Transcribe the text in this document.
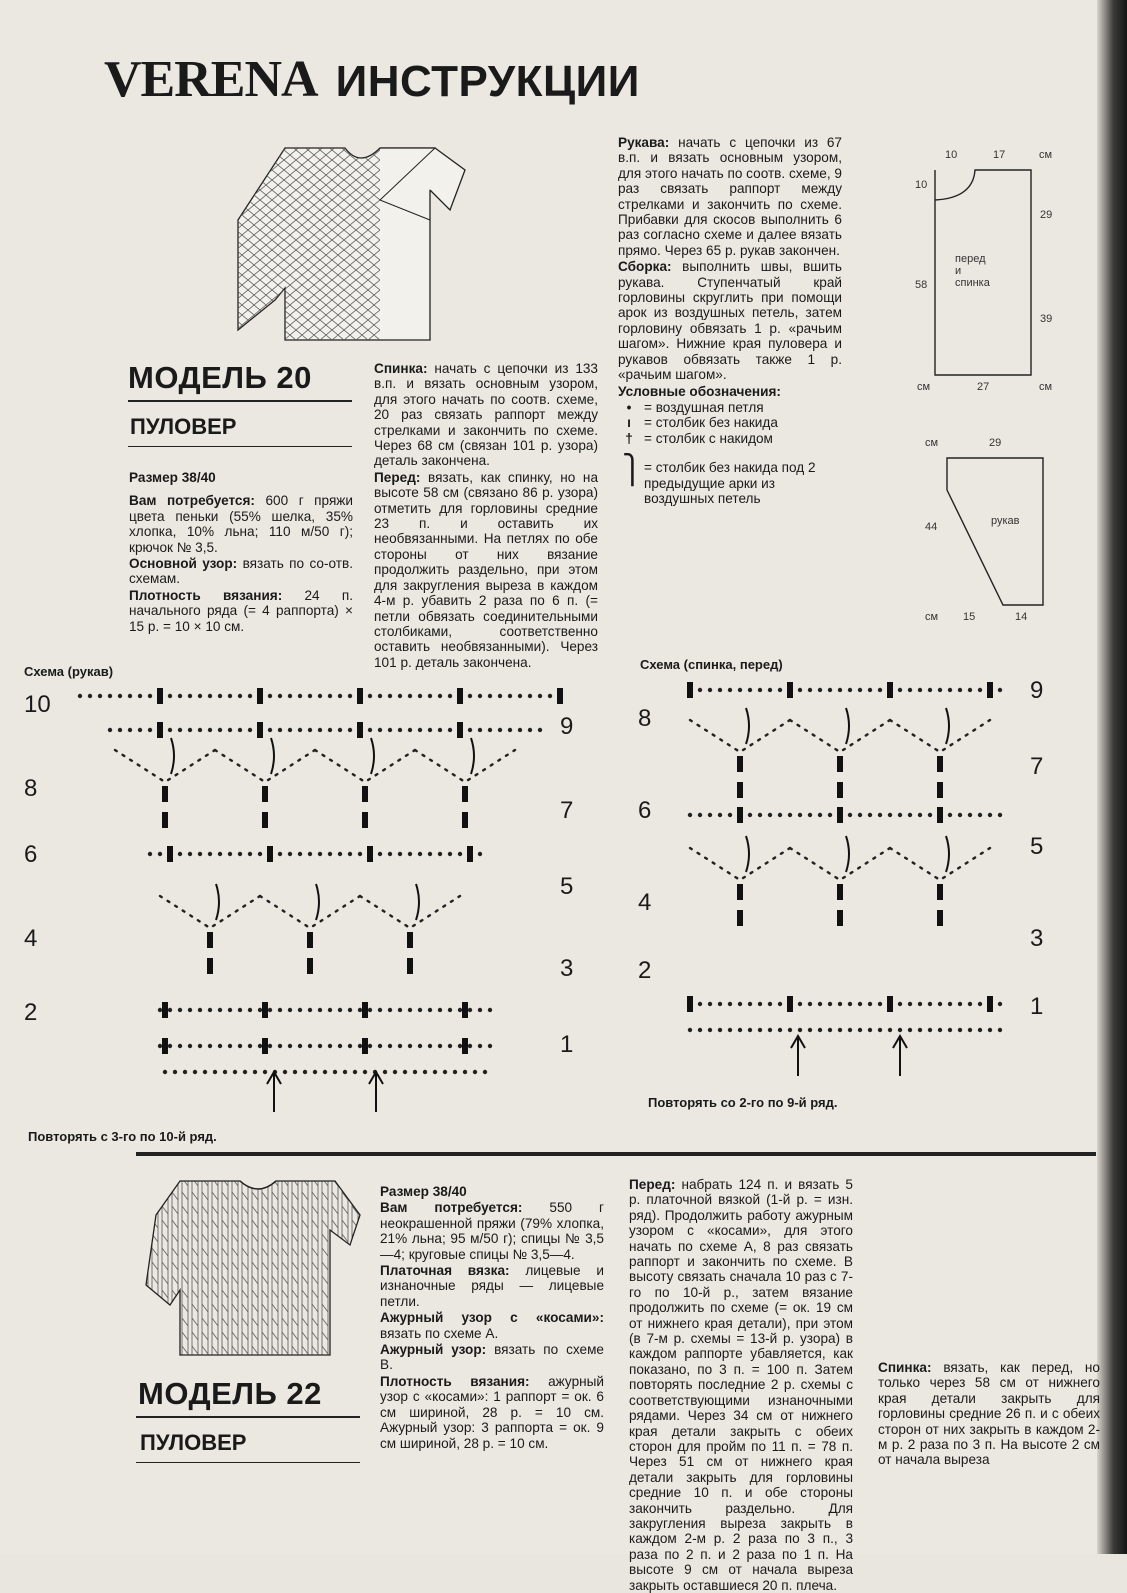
VERENA ИНСТРУКЦИИ
МОДЕЛЬ 20
ПУЛОВЕР

Размер 38/40

Вам потребуется: 600 г пряжи цвета пеньки (55% шелка, 35% хлопка, 10% льна; 110 м/50 г); крючок № 3,5.

Основной узор: вязать по со-отв. схемам.

Плотность вязания: 24 п. начального ряда (= 4 раппорта) × 15 р. = 10 × 10 см.

Спинка: начать с цепочки из 133 в.п. и вязать основным узором, для этого начать по соотв. схеме, 20 раз связать раппорт между стрелками и закончить по схеме. Через 68 см (связан 101 р. узора) деталь закончена.

Перед: вязать, как спинку, но на высоте 58 см (связано 86 р. узора) отметить для горловины средние 23 п. и оставить их необвязанными. На петлях по обе стороны от них вязание продолжить раздельно, при этом для закругления выреза в каждом 4-м р. убавить 2 раза по 6 п. (= петли обвязать соединительными столбиками, соответственно оставить необвязанными). Через 101 р. деталь закончена.

Рукава: начать с цепочки из 67 в.п. и вязать основным узором, для этого начать по соотв. схеме, 9 раз связать раппорт между стрелками и закончить по схеме. Прибавки для скосов выполнить 6 раз согласно схеме и далее вязать прямо. Через 65 р. рукав закончен.

Сборка: выполнить швы, вшить рукава. Ступенчатый край горловины скруглить при помощи арок из воздушных петель, затем горловину обвязать 1 р. «рачьим шагом». Нижние края пуловера и рукавов обвязать также 1 р. «рачьим шагом».

Условные обозначения:

• = воздушная петля
ı = столбик без накида
† = столбик с накидом
⎫ = столбик без накида под 2 предыдущие арки из воздушных петель
10	17	см
10
29
58
39
см	27	см
перед
и
спинка
см	29
44
см 15	14
рукав
Схема (рукав)
10
8
6
4
2
9
7
5
3
1
Повторять с 3-го по 10-й ряд.
Схема (спинка, перед)
8
6
4
2
9
7
5
3
1
Повторять со 2-го по 9-й ряд.
МОДЕЛЬ 22
ПУЛОВЕР

Размер 38/40

Вам потребуется: 550 г неокрашенной пряжи (79% хлопка, 21% льна; 95 м/50 г); спицы № 3,5—4; круговые спицы № 3,5—4.

Платочная вязка: лицевые и изнаночные ряды — лицевые петли.

Ажурный узор с «косами»: вязать по схеме А.

Ажурный узор: вязать по схеме В.

Плотность вязания: ажурный узор с «косами»: 1 раппорт = ок. 6 см шириной, 28 р. = 10 см. Ажурный узор: 3 раппорта = ок. 9 см шириной, 28 р. = 10 см.

Перед: набрать 124 п. и вязать 5 р. платочной вязкой (1-й р. = изн. ряд). Продолжить работу ажурным узором с «косами», для этого начать по схеме А, 8 раз связать раппорт и закончить по схеме. В высоту связать сначала 10 раз с 7-го по 10-й р., затем вязание продолжить по схеме (= ок. 19 см от нижнего края детали), при этом (в 7-м р. схемы = 13-й р. узора) в каждом раппорте убавляется, как показано, по 3 п. = 100 п. Затем повторять последние 2 р. схемы с соответствующими изнаночными рядами. Через 34 см от нижнего края детали закрыть с обеих сторон для пройм по 11 п. = 78 п. Через 51 см от нижнего края детали закрыть для горловины средние 10 п. и обе стороны закончить раздельно. Для закругления выреза закрыть в каждом 2-м р. 2 раза по 3 п., 3 раза по 2 п. и 2 раза по 1 п. На высоте 9 см от начала выреза закрыть оставшиеся 20 п. плеча.

Спинка: вязать, как перед, но только через 58 см от нижнего края детали закрыть для горловины средние 26 п. и с обеих сторон от них закрыть в каждом 2-м р. 2 раза по 3 п. На высоте 2 см от начала выреза
